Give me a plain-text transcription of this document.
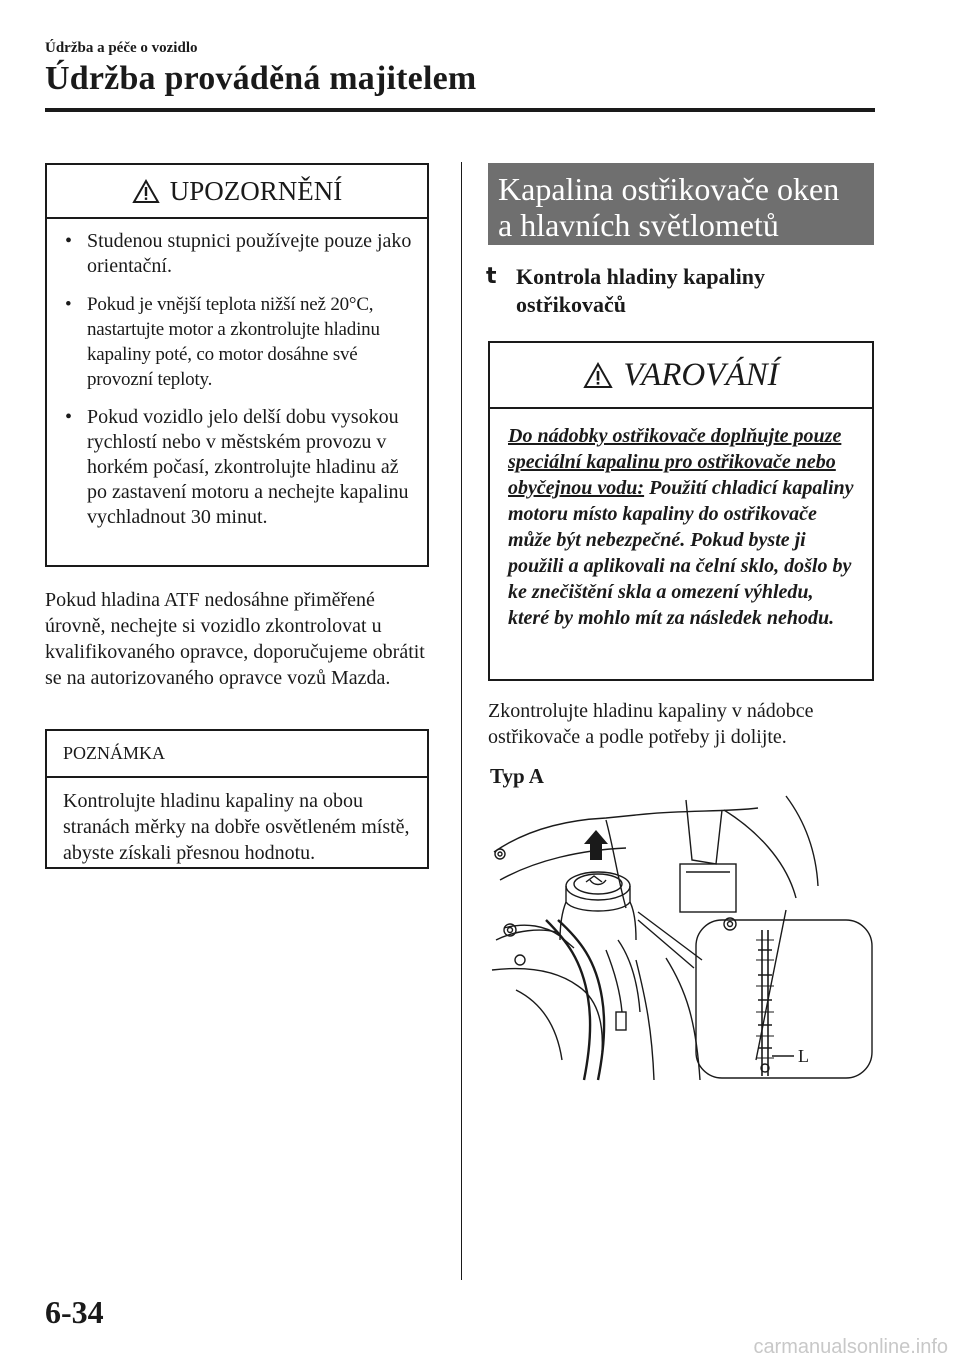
Údržba a péče o vozidlo
Údržba prováděná majitelem
UPOZORNĚNÍ
• Studenou stupnici používejte pouze jako orientační.
• Pokud je vnější teplota nižší než 20°C, nastartujte motor a zkontrolujte hladinu kapaliny poté, co motor dosáhne své provozní teploty.
• Pokud vozidlo jelo delší dobu vysokou rychlostí nebo v městském provozu v horkém počasí, zkontrolujte hladinu až po zastavení motoru a nechejte kapalinu vychladnout 30 minut.
Pokud hladina ATF nedosáhne přiměřené úrovně, nechejte si vozidlo zkontrolovat u kvalifikovaného opravce, doporučujeme obrátit se na autorizovaného opravce vozů Mazda.
POZNÁMKA
Kontrolujte hladinu kapaliny na obou stranách měrky na dobře osvětleném místě, abyste získali přesnou hodnotu.
Kapalina ostřikovače oken
a hlavních světlometů
t Kontrola hladiny kapaliny ostřikovačů
VAROVÁNÍ
Do nádobky ostřikovače doplňujte pouze speciální kapalinu pro ostřikovače nebo obyčejnou vodu: Použití chladicí kapaliny motoru místo kapaliny do ostřikovače může být nebezpečné. Pokud byste ji použili a aplikovali na čelní sklo, došlo by ke znečištění skla a omezení výhledu, které by mohlo mít za následek nehodu.
Zkontrolujte hladinu kapaliny v nádobce ostřikovače a podle potřeby ji dolijte.
Typ A
L
6-34
carmanualsonline.info
